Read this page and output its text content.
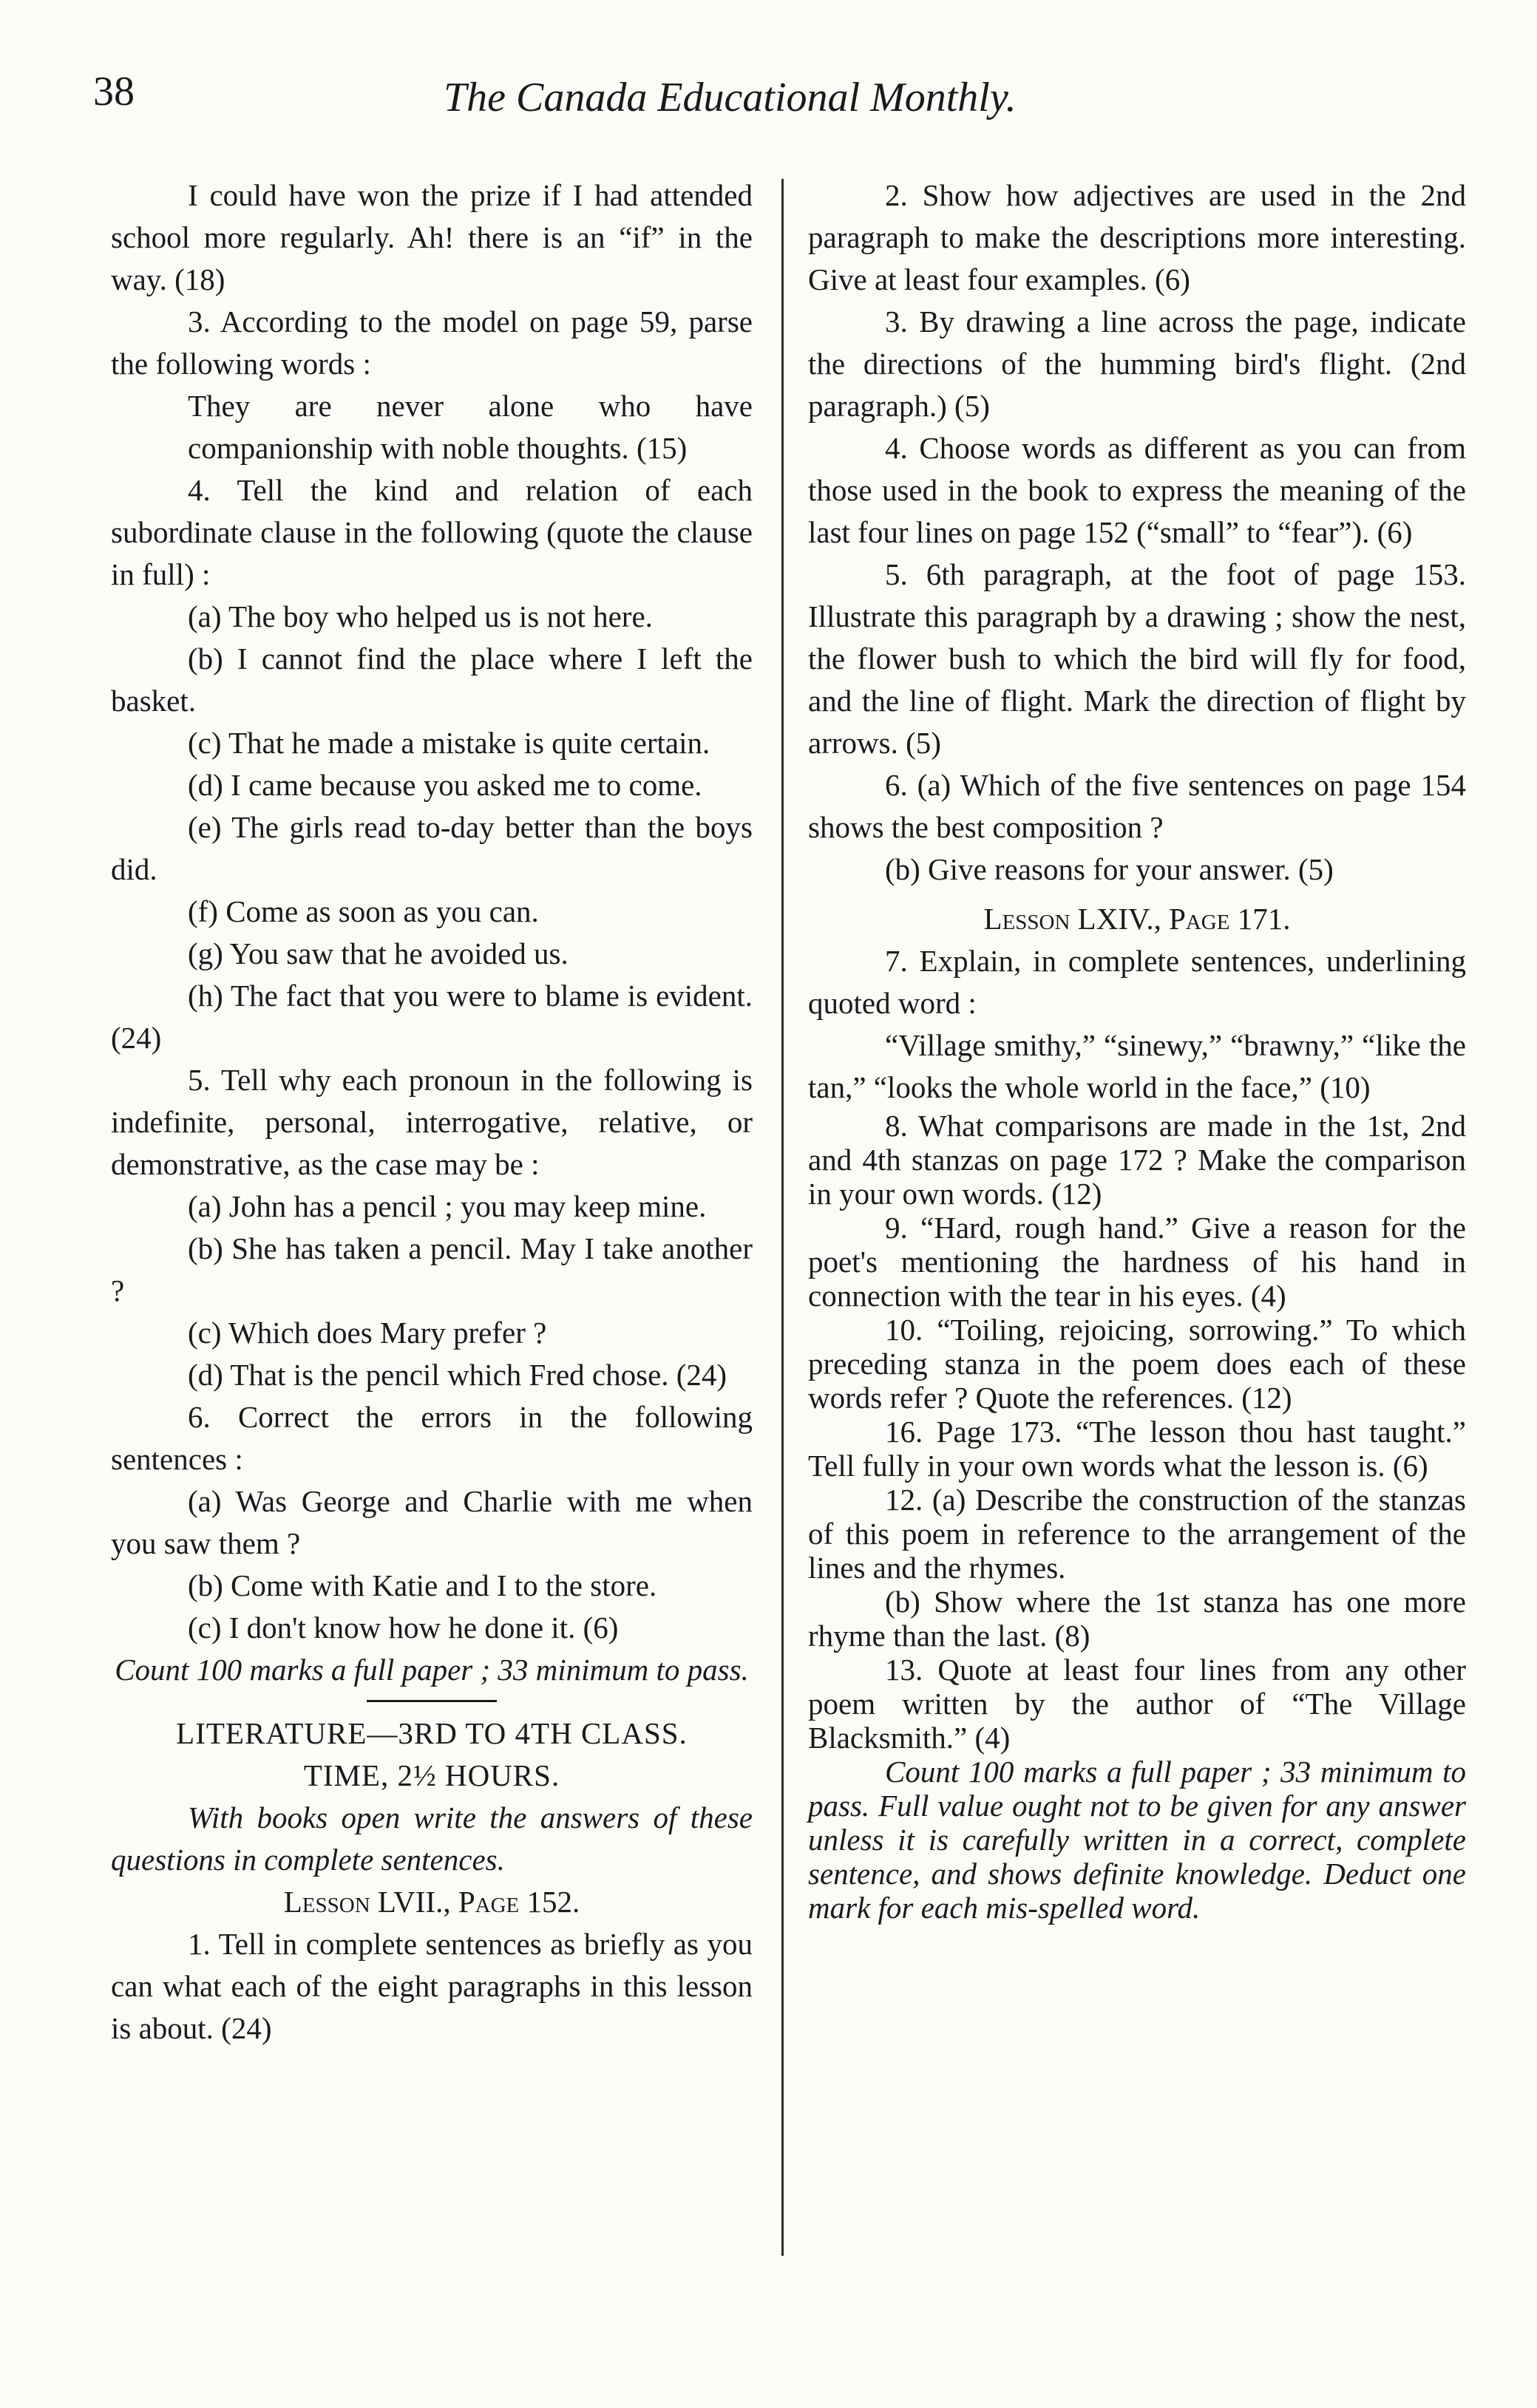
38	The Canada Educational Monthly.

I could have won the prize if I had attended school more regularly. Ah! there is an “if” in the way. (18)

3. According to the model on page 59, parse the following words :

They are never alone who have companionship with noble thoughts. (15)

4. Tell the kind and relation of each subordinate clause in the following (quote the clause in full) :

(a) The boy who helped us is not here.

(b) I cannot find the place where I left the basket.

(c) That he made a mistake is quite certain.

(d) I came because you asked me to come.

(e) The girls read to-day better than the boys did.

(f) Come as soon as you can.

(g) You saw that he avoided us.

(h) The fact that you were to blame is evident. (24)

5. Tell why each pronoun in the following is indefinite, personal, interrogative, relative, or demonstrative, as the case may be :

(a) John has a pencil ; you may keep mine.

(b) She has taken a pencil. May I take another ?

(c) Which does Mary prefer ?

(d) That is the pencil which Fred chose. (24)

6. Correct the errors in the following sentences :

(a) Was George and Charlie with me when you saw them ?

(b) Come with Katie and I to the store.

(c) I don't know how he done it. (6)

Count 100 marks a full paper ; 33 minimum to pass.

LITERATURE—3RD TO 4TH CLASS.

TIME, 2½ HOURS.

With books open write the answers of these questions in complete sentences.

Lesson LVII., Page 152.

1. Tell in complete sentences as briefly as you can what each of the eight paragraphs in this lesson is about. (24)

2. Show how adjectives are used in the 2nd paragraph to make the descriptions more interesting. Give at least four examples. (6)

3. By drawing a line across the page, indicate the directions of the humming bird's flight. (2nd paragraph.) (5)

4. Choose words as different as you can from those used in the book to express the meaning of the last four lines on page 152 (“small” to “fear”). (6)

5. 6th paragraph, at the foot of page 153. Illustrate this paragraph by a drawing ; show the nest, the flower bush to which the bird will fly for food, and the line of flight. Mark the direction of flight by arrows. (5)

6. (a) Which of the five sentences on page 154 shows the best composition ?

(b) Give reasons for your answer. (5)

Lesson LXIV., Page 171.

7. Explain, in complete sentences, underlining quoted word :

“Village smithy,” “sinewy,” “brawny,” “like the tan,” “looks the whole world in the face,” (10)

8. What comparisons are made in the 1st, 2nd and 4th stanzas on page 172 ? Make the comparison in your own words. (12)

9. “Hard, rough hand.” Give a reason for the poet's mentioning the hardness of his hand in connection with the tear in his eyes. (4)

10. “Toiling, rejoicing, sorrowing.” To which preceding stanza in the poem does each of these words refer ? Quote the references. (12)

16. Page 173. “The lesson thou hast taught.” Tell fully in your own words what the lesson is. (6)

12. (a) Describe the construction of the stanzas of this poem in reference to the arrangement of the lines and the rhymes.

(b) Show where the 1st stanza has one more rhyme than the last. (8)

13. Quote at least four lines from any other poem written by the author of “The Village Blacksmith.” (4)

Count 100 marks a full paper ; 33 minimum to pass. Full value ought not to be given for any answer unless it is carefully written in a correct, complete sentence, and shows definite knowledge. Deduct one mark for each mis-spelled word.
